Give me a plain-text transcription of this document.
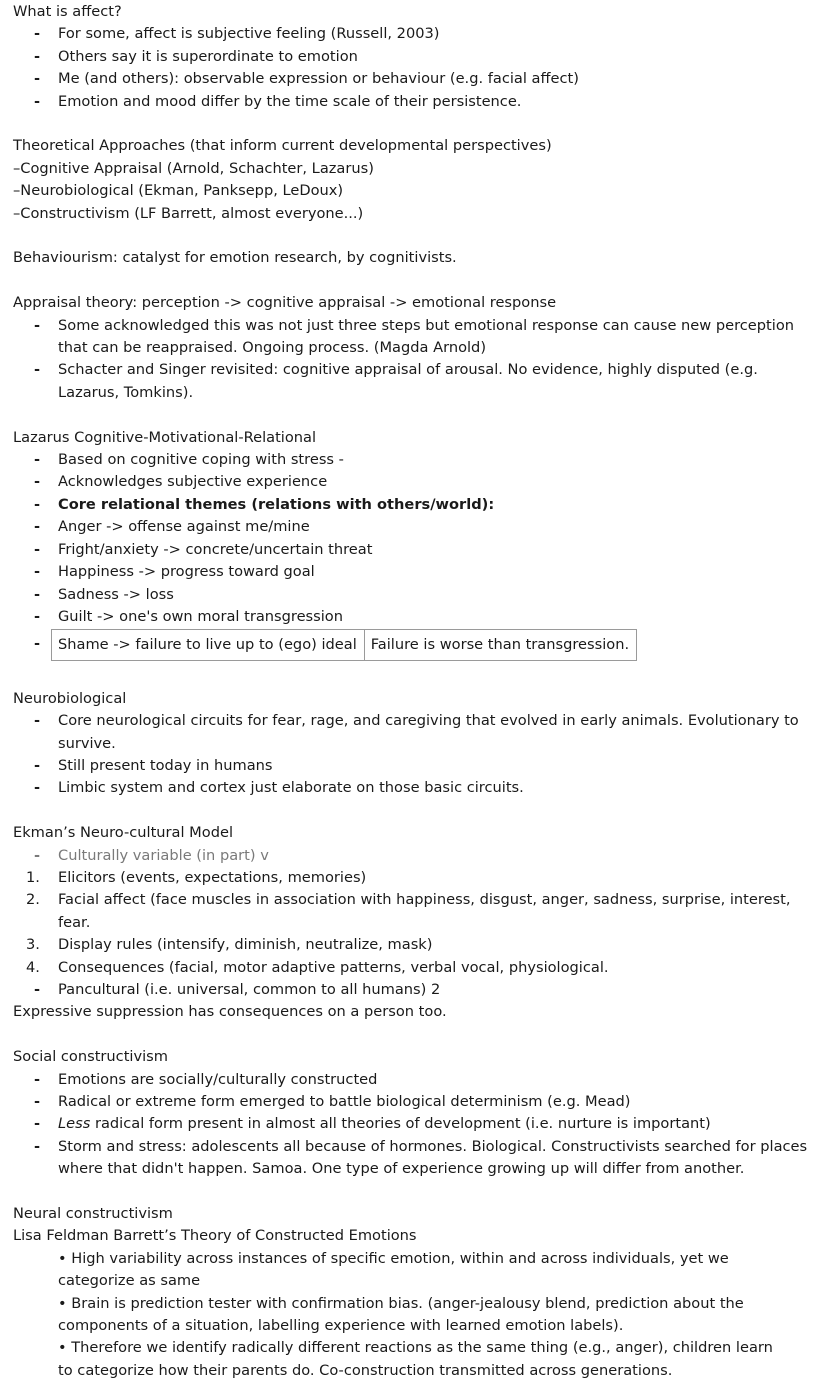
What is affect?
- For some, affect is subjective feeling (Russell, 2003)
- Others say it is superordinate to emotion
- Me (and others): observable expression or behaviour (e.g. facial affect)
- Emotion and mood differ by the time scale of their persistence.
Theoretical Approaches (that inform current developmental perspectives)
–Cognitive Appraisal (Arnold, Schachter, Lazarus)
–Neurobiological (Ekman, Panksepp, LeDoux)
–Constructivism (LF Barrett, almost everyone...)
Behaviourism: catalyst for emotion research, by cognitivists.
Appraisal theory: perception -> cognitive appraisal -> emotional response
- Some acknowledged this was not just three steps but emotional response can cause new perception that can be reappraised. Ongoing process. (Magda Arnold)
- Schacter and Singer revisited: cognitive appraisal of arousal. No evidence, highly disputed (e.g. Lazarus, Tomkins).
Lazarus Cognitive-Motivational-Relational
- Based on cognitive coping with stress -
- Acknowledges subjective experience
- Core relational themes (relations with others/world):
- Anger -> offense against me/mine
- Fright/anxiety -> concrete/uncertain threat
- Happiness -> progress toward goal
- Sadness -> loss
- Guilt -> one's own moral transgression
-	Shame -> failure to live up to (ego) ideal Failure is worse than transgression.
Neurobiological
- Core neurological circuits for fear, rage, and caregiving that evolved in early animals. Evolutionary to survive.
- Still present today in humans
- Limbic system and cortex just elaborate on those basic circuits.
Ekman’s Neuro-cultural Model
- Culturally variable (in part) v
1. Elicitors (events, expectations, memories)
2. Facial affect (face muscles in association with happiness, disgust, anger, sadness, surprise, interest, fear.
3. Display rules (intensify, diminish, neutralize, mask)
4. Consequences (facial, motor adaptive patterns, verbal vocal, physiological.
- Pancultural (i.e. universal, common to all humans) 2
Expressive suppression has consequences on a person too.
Social constructivism
- Emotions are socially/culturally constructed
- Radical or extreme form emerged to battle biological determinism (e.g. Mead)
- Less radical form present in almost all theories of development (i.e. nurture is important)
- Storm and stress: adolescents all because of hormones. Biological. Constructivists searched for places where that didn't happen. Samoa. One type of experience growing up will differ from another.
Neural constructivism
Lisa Feldman Barrett’s Theory of Constructed Emotions
• High variability across instances of specific emotion, within and across individuals, yet we categorize as same
• Brain is prediction tester with confirmation bias. (anger-jealousy blend, prediction about the components of a situation, labelling experience with learned emotion labels).
• Therefore we identify radically different reactions as the same thing (e.g., anger), children learn to categorize how their parents do. Co-construction transmitted across generations.
